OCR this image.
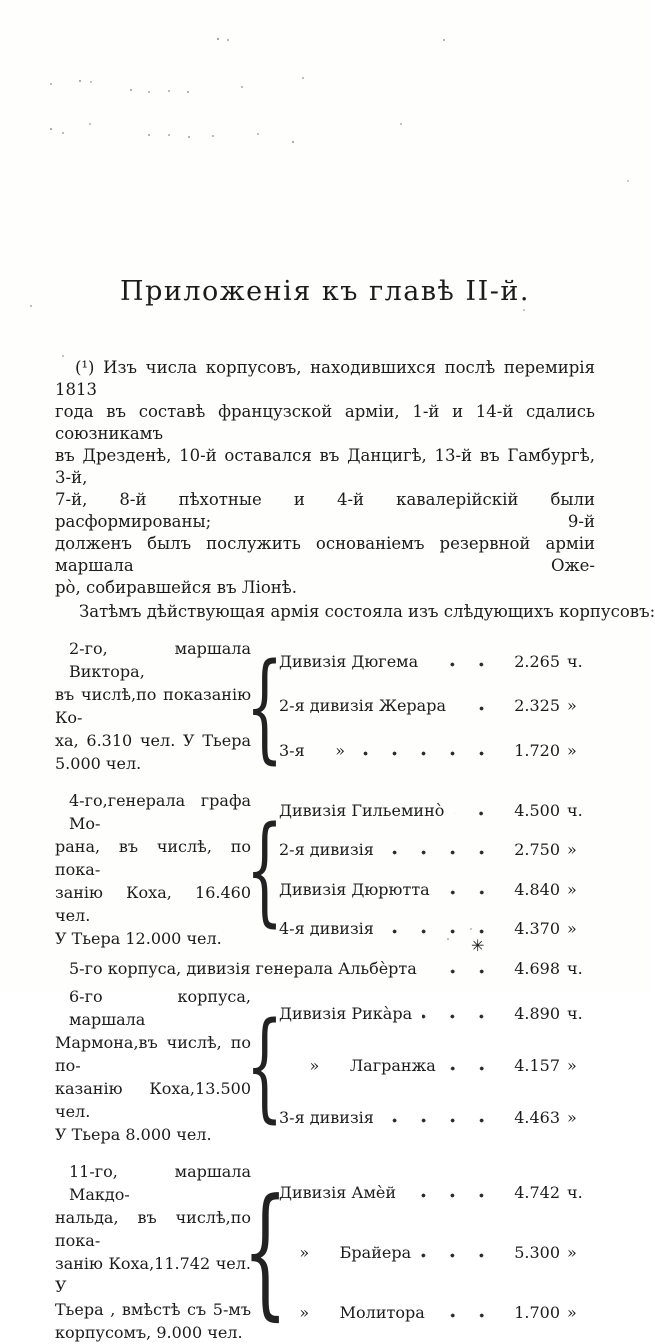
Приложенія къ главѣ II-й.
(¹) Изъ числа корпусовъ, находившихся послѣ перемирія 1813
года въ составѣ французской арміи, 1-й и 14-й сдались союзникамъ
въ Дрезденѣ, 10-й оставался въ Данцигѣ, 13-й въ Гамбургѣ, 3-й,
7-й, 8-й пѣхотные и 4-й кавалерійскій были расформированы; 9-й
долженъ былъ послужить основаніемъ резервной арміи маршала Оже-
рò, собиравшейся въ Ліонѣ.
Затѣмъ дѣйствующая армія состояла изъ слѣдующихъ корпусовъ:
2-го, маршала Виктора,
въ числѣ,по показанію Ко-
ха, 6.310 чел. У Тьера
5.000 чел. {
Дивизія Дюгема	2.265 ч.
2-я дивизія Жерара	2.325 »
3-я      »	1.720 »
4-го,генерала графа Мо-
рана, въ числѣ, по пока-
занію Коха, 16.460 чел.
У Тьера 12.000 чел.
{
Дивизія Гильеминò	4.500 ч.
2-я дивизія	2.750 »
Дивизія Дюрютта	4.840 »
4-я дивизія	4.370 »
5-го корпуса, дивизія генерала Альбèрта	4.698 ч.
6-го корпуса, маршала
Мармона,въ числѣ, по по-
казанію Коха,13.500 чел.
У Тьера 8.000 чел.
{
Дивизія Рикàра	4.890 ч.
»      Лагранжа	4.157 »
3-я дивизія	4.463 »
11-го, маршала Макдо-
нальда, въ числѣ,по пока-
занію Коха,11.742 чел. У
Тьера , вмѣстѣ съ 5-мъ
корпусомъ, 9.000 чел. {
Дивизія Амèй	4.742 ч.
»      Брайера	5.300 »
»      Молитора	1.700 »
✳
